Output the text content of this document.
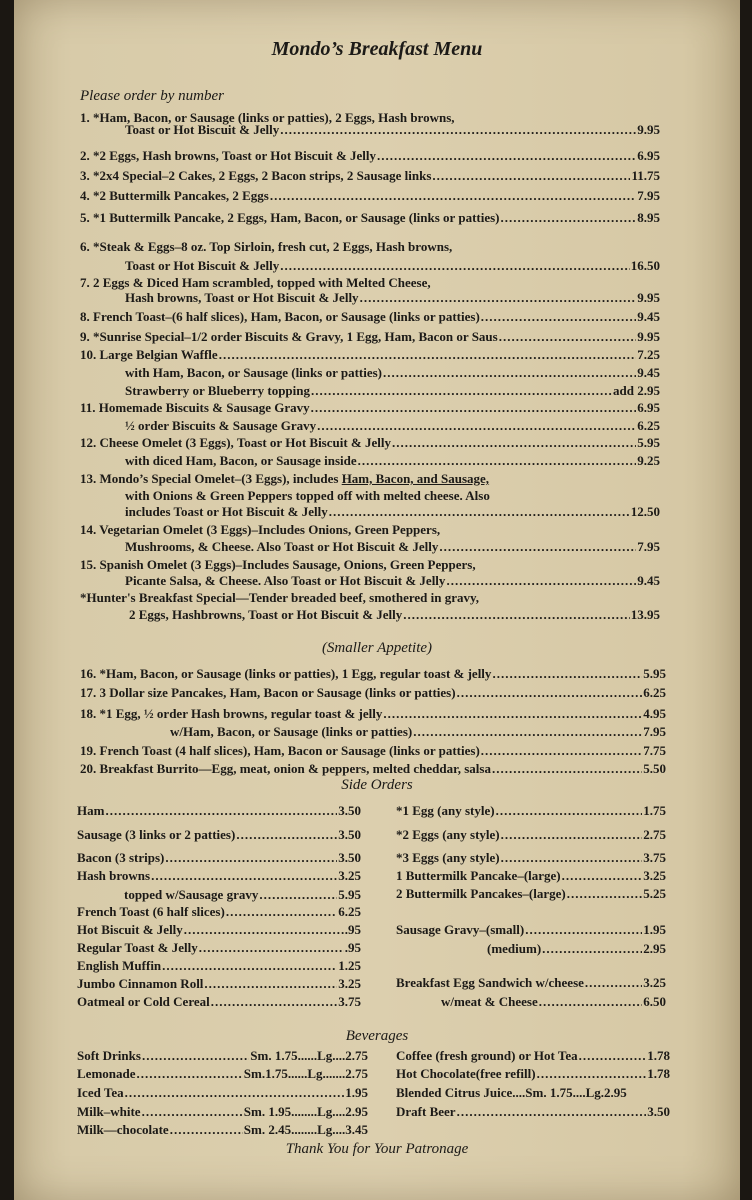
Mondo’s Breakfast Menu
Please order by number
1. *Ham, Bacon, or Sausage (links or patties), 2 Eggs, Hash browns,
Toast or Hot Biscuit & Jelly .....	9.95
2. *2 Eggs, Hash browns, Toast or Hot Biscuit & Jelly .....	6.95
3. *2x4 Special–2 Cakes, 2 Eggs, 2 Bacon strips, 2 Sausage links .....	11.75
4. *2 Buttermilk Pancakes, 2 Eggs .....	7.95
5. *1 Buttermilk Pancake, 2 Eggs, Ham, Bacon, or Sausage (links or patties) .....	8.95
6. *Steak & Eggs–8 oz. Top Sirloin, fresh cut, 2 Eggs, Hash browns,
Toast or Hot Biscuit & Jelly .....	16.50
7. 2 Eggs & Diced Ham scrambled, topped with Melted Cheese,
Hash browns, Toast or Hot Biscuit & Jelly .....	9.95
8. French Toast–(6 half slices), Ham, Bacon, or Sausage (links or patties) .....	9.45
9. *Sunrise Special–1/2 order Biscuits & Gravy, 1 Egg, Ham, Bacon or Saus .....	9.95
10. Large Belgian Waffle .....	7.25
with Ham, Bacon, or Sausage (links or patties) .....	9.45
Strawberry or Blueberry topping .....	add 2.95
11. Homemade Biscuits & Sausage Gravy .....	6.95
½ order Biscuits & Sausage Gravy .....	6.25
12. Cheese Omelet (3 Eggs), Toast or Hot Biscuit & Jelly .....	5.95
with diced Ham, Bacon, or Sausage inside .....	9.25
13. Mondo’s Special Omelet–(3 Eggs), includes Ham, Bacon, and Sausage,
with Onions & Green Peppers topped off with melted cheese. Also
includes Toast or Hot Biscuit & Jelly .....	12.50
14. Vegetarian Omelet (3 Eggs)–Includes Onions, Green Peppers,
Mushrooms, & Cheese. Also Toast or Hot Biscuit & Jelly .....	7.95
15. Spanish Omelet (3 Eggs)–Includes Sausage, Onions, Green Peppers,
Picante Salsa, & Cheese. Also Toast or Hot Biscuit & Jelly .....	9.45
*Hunter's Breakfast Special—Tender breaded beef, smothered in gravy,
2 Eggs, Hashbrowns, Toast or Hot Biscuit & Jelly .....	13.95
(Smaller Appetite)
16. *Ham, Bacon, or Sausage (links or patties), 1 Egg, regular toast & jelly .....	5.95
17. 3 Dollar size Pancakes, Ham, Bacon or Sausage (links or patties) .....	6.25
18. *1 Egg, ½ order Hash browns, regular toast & jelly .....	4.95
w/Ham, Bacon, or Sausage (links or patties) .....	7.95
19. French Toast (4 half slices), Ham, Bacon or Sausage (links or patties) .....	7.75
20. Breakfast Burrito—Egg, meat, onion & peppers, melted cheddar, salsa .....	5.50
Side Orders
Ham .....	3.50
Sausage (3 links or 2 patties) .....	3.50
Bacon (3 strips) .....	3.50
Hash browns .....	3.25
topped w/Sausage gravy .....	5.95
French Toast (6 half slices) .....	6.25
Hot Biscuit & Jelly .....	.95
Regular Toast & Jelly .....	.95
English Muffin .....	1.25
Jumbo Cinnamon Roll .....	3.25
Oatmeal or Cold Cereal .....	3.75
*1 Egg (any style) .....	1.75
*2 Eggs (any style) .....	2.75
*3 Eggs (any style) .....	3.75
1 Buttermilk Pancake–(large) .....	3.25
2 Buttermilk Pancakes–(large) .....	5.25
Sausage Gravy–(small) .....	1.95
(medium) .....	2.95
Breakfast Egg Sandwich w/cheese .....	3.25
w/meat & Cheese .....	6.50
Beverages
Soft Drinks .....	Sm. 1.75......Lg....2.75
Lemonade .....	Sm.1.75......Lg.......2.75
Iced Tea .....	1.95
Milk–white .....	Sm. 1.95........Lg....2.95
Milk—chocolate .....	Sm. 2.45........Lg....3.45
Coffee (fresh ground) or Hot Tea .....	1.78
Hot Chocolate(free refill) .....	1.78
Blended Citrus Juice....Sm. 1.75....Lg.2.95
Draft Beer .....	3.50
Thank You for Your Patronage
